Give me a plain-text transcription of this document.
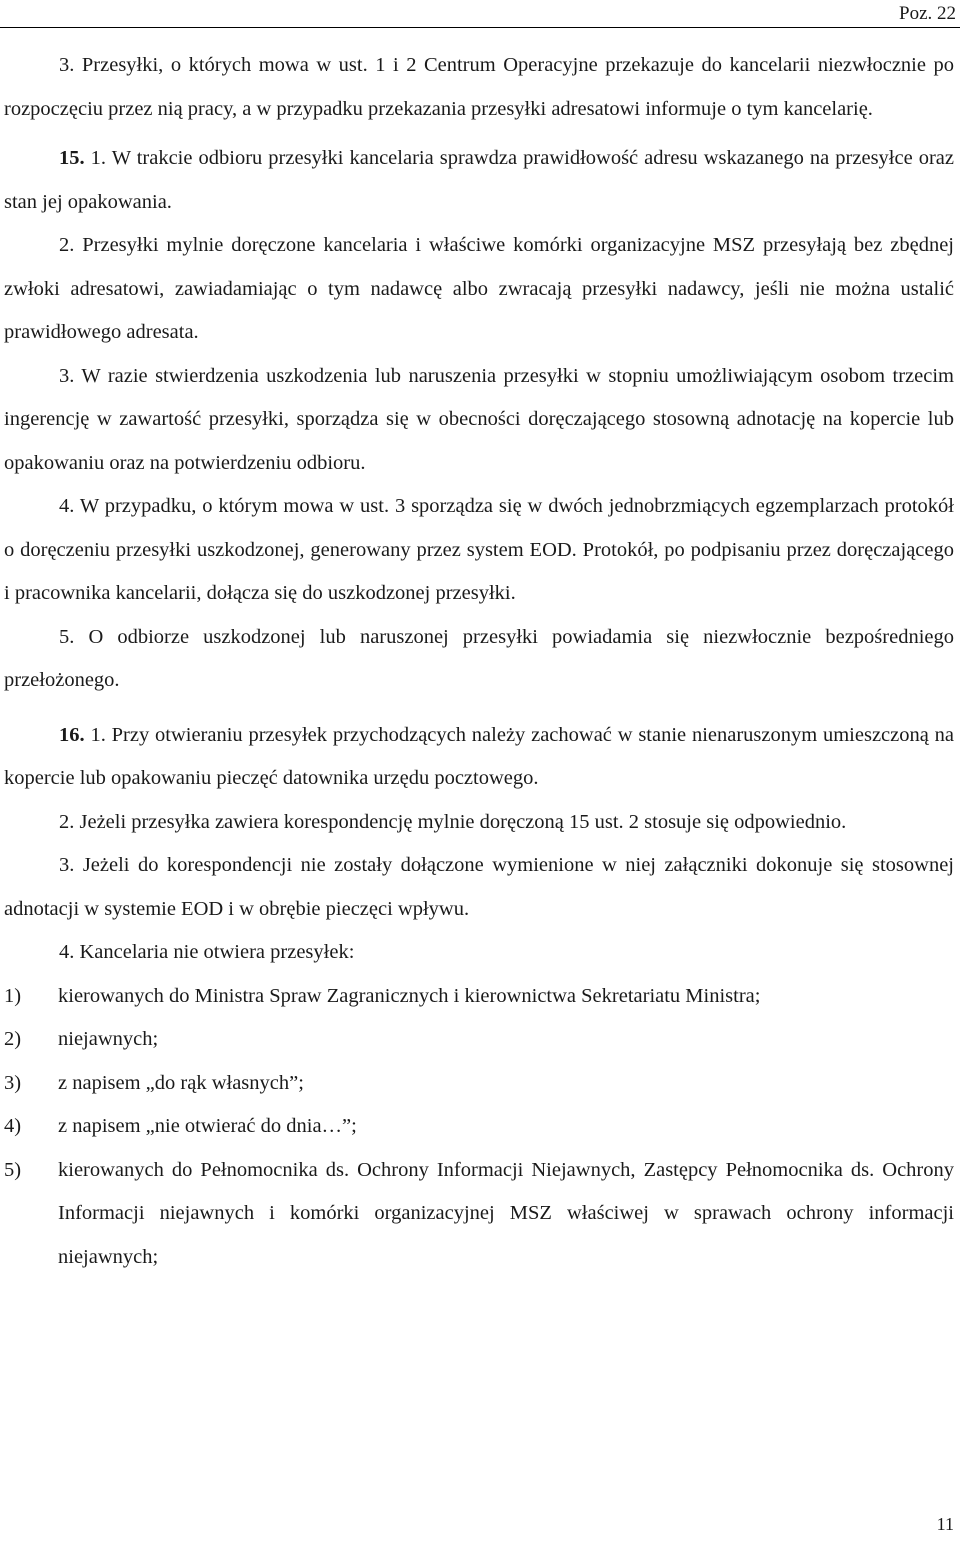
Poz. 22

3. Przesyłki, o których mowa w ust. 1 i 2 Centrum Operacyjne przekazuje do kancelarii niezwłocznie po rozpoczęciu przez nią pracy, a w przypadku przekazania przesyłki adresatowi informuje o tym kancelarię.

15. 1. W trakcie odbioru przesyłki kancelaria sprawdza prawidłowość adresu wskazanego na przesyłce oraz stan jej opakowania.

2. Przesyłki mylnie doręczone kancelaria i właściwe komórki organizacyjne MSZ przesyłają bez zbędnej zwłoki adresatowi, zawiadamiając o tym nadawcę albo zwracają przesyłki nadawcy, jeśli nie można ustalić prawidłowego adresata.

3. W razie stwierdzenia uszkodzenia lub naruszenia przesyłki w stopniu umożliwiającym osobom trzecim ingerencję w zawartość przesyłki, sporządza się w obecności doręczającego stosowną adnotację na kopercie lub opakowaniu oraz na potwierdzeniu odbioru.

4. W przypadku, o którym mowa w ust. 3 sporządza się w dwóch jednobrzmiących egzemplarzach protokół o doręczeniu przesyłki uszkodzonej, generowany przez system EOD. Protokół, po podpisaniu przez doręczającego i pracownika kancelarii, dołącza się do uszkodzonej przesyłki.

5. O odbiorze uszkodzonej lub naruszonej przesyłki powiadamia się niezwłocznie bezpośredniego przełożonego.

16. 1. Przy otwieraniu przesyłek przychodzących należy zachować w stanie nienaruszonym umieszczoną na kopercie lub opakowaniu pieczęć datownika urzędu pocztowego.

2. Jeżeli przesyłka zawiera korespondencję mylnie doręczoną 15 ust. 2 stosuje się odpowiednio.

3. Jeżeli do korespondencji nie zostały dołączone wymienione w niej załączniki dokonuje się stosownej adnotacji w systemie EOD i w obrębie pieczęci wpływu.

4. Kancelaria nie otwiera przesyłek:

1)	kierowanych do Ministra Spraw Zagranicznych i kierownictwa Sekretariatu Ministra;
2)	niejawnych;
3)	z napisem „do rąk własnych”;
4)	z napisem „nie otwierać do dnia…”;
5)	kierowanych do Pełnomocnika ds. Ochrony Informacji Niejawnych, Zastępcy Pełnomocnika ds. Ochrony Informacji niejawnych i komórki organizacyjnej MSZ właściwej w sprawach ochrony informacji niejawnych;
11
